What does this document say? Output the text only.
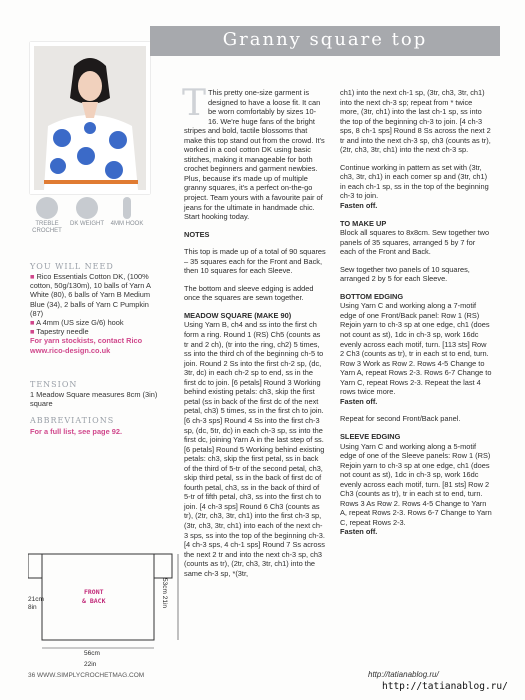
Granny square top
TREBLE CROCHET
DK WEIGHT 4MM HOOK
YOU WILL NEED
■ Rico Essentials Cotton DK, (100% cotton, 50g/130m), 10 balls of Yarn A White (80), 6 balls of Yarn B Medium Blue (34), 2 balls of Yarn C Pumpkin (87)
■ A 4mm (US size G/6) hook
■ Tapestry needle
For yarn stockists, contact Rico www.rico-design.co.uk
TENSION
1 Meadow Square measures 8cm (3in) square
ABBREVIATIONS
For a full list, see page 92.

T This pretty one-size garment is designed to have a loose fit. It can be worn comfortably by sizes 10-16. We're huge fans of the bright stripes and bold, tactile blossoms that make this top stand out from the crowd. It's worked in a cool cotton DK using basic stitches, making it manageable for both crochet beginners and garment newbies. Plus, because it's made up of multiple granny squares, it's a perfect on-the-go project. Team yours with a favourite pair of jeans for the ultimate in handmade chic. Start hooking today.

NOTES

This top is made up of a total of 90 squares – 35 squares each for the Front and Back, then 10 squares for each Sleeve.

The bottom and sleeve edging is added once the squares are sewn together.

MEADOW SQUARE (MAKE 90)

Using Yarn B, ch4 and ss into the first ch form a ring. Round 1 (RS) Ch5 (counts as tr and 2 ch), (tr into the ring, ch2) 5 times, ss into the third ch of the beginning ch-5 to join. Round 2 Ss into the first ch-2 sp, (dc, 3tr, dc) in each ch-2 sp to end, ss in the first dc to join. [6 petals] Round 3 Working behind existing petals: ch3, skip the first petal (ss in back of the first dc of the next petal, ch3) 5 times, ss in the first ch to join. [6 ch-3 sps] Round 4 Ss into the first ch-3 sp, (dc, 5tr, dc) in each ch-3 sp, ss into the first dc, joining Yarn A in the last step of ss. [6 petals] Round 5 Working behind existing petals: ch3, skip the first petal, ss in back of the third of 5-tr of the second petal, ch3, skip third petal, ss in the back of first dc of fourth petal, ch3, ss in the back of third of 5-tr of fifth petal, ch3, ss into the first ch to join. [4 ch-3 sps] Round 6 Ch3 (counts as tr), (2tr, ch3, 3tr, ch1) into the first ch-3 sp, (3tr, ch3, 3tr, ch1) into each of the next ch-3 sps, ss into the top of the beginning ch-3. [4 ch-3 sps, 4 ch-1 sps] Round 7 Ss across the next 2 tr and into the next ch-3 sp, ch3 (counts as tr), (2tr, ch3, 3tr, ch1) into the same ch-3 sp, *(3tr,

ch1) into the next ch-1 sp, (3tr, ch3, 3tr, ch1) into the next ch-3 sp; repeat from * twice more, (3tr, ch1) into the last ch-1 sp, ss into the top of the beginning ch-3 to join. [4 ch-3 sps, 8 ch-1 sps] Round 8 Ss across the next 2 tr and into the next ch-3 sp, ch3 (counts as tr), (2tr, ch3, 3tr, ch1) into the next ch-3 sp.

Continue working in pattern as set with (3tr, ch3, 3tr, ch1) in each corner sp and (3tr, ch1) in each ch-1 sp, ss in the top of the beginning ch-3 to join.

Fasten off.

TO MAKE UP

Block all squares to 8x8cm. Sew together two panels of 35 squares, arranged 5 by 7 for each of the Front and Back.

Sew together two panels of 10 squares, arranged 2 by 5 for each Sleeve.

BOTTOM EDGING

Using Yarn C and working along a 7-motif edge of one Front/Back panel: Row 1 (RS) Rejoin yarn to ch-3 sp at one edge, ch1 (does not count as st), 1dc in ch-3 sp, work 16dc evenly across each motif, turn. [113 sts] Row 2 Ch3 (counts as tr), tr in each st to end, turn. Row 3 Work as Row 2. Rows 4-5 Change to Yarn A, repeat Rows 2-3. Rows 6-7 Change to Yarn C, repeat Rows 2-3. Repeat the last 4 rows twice more.

Fasten off.

Repeat for second Front/Back panel.

SLEEVE EDGING

Using Yarn C and working along a 5-motif edge of one of the Sleeve panels: Row 1 (RS) Rejoin yarn to ch-3 sp at one edge, ch1 (does not count as st), 1dc in ch-3 sp, work 16dc evenly across each motif, turn. [81 sts] Row 2 Ch3 (counts as tr), tr in each st to end, turn. Rows 3 As Row 2. Rows 4-5 Change to Yarn A, repeat Rows 2-3. Rows 6-7 Change to Yarn C, repeat Rows 2-3.

Fasten off.

FRONT
& BACK
53cm 21in
21cm
8in
56cm
22in
36 WWW.SIMPLYCROCHETMAG.COM	http://tatianablog.ru/
http://tatianablog.ru/
